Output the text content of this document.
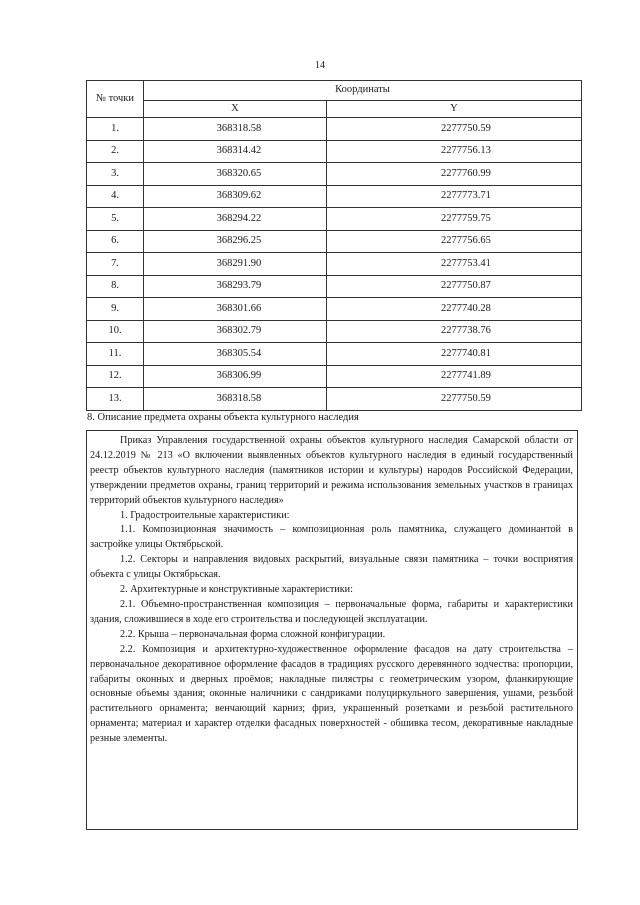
14
№ точки	Координаты	
	X	Y
1.	368318.58	2277750.59
2.	368314.42	2277756.13
3.	368320.65	2277760.99
4.	368309.62	2277773.71
5.	368294.22	2277759.75
6.	368296.25	2277756.65
7.	368291.90	2277753.41
8.	368293.79	2277750.87
9.	368301.66	2277740.28
10.	368302.79	2277738.76
11.	368305.54	2277740.81
12.	368306.99	2277741.89
13.	368318.58	2277750.59
8. Описание предмета охраны объекта культурного наследия

Приказ Управления государственной охраны объектов культурного наследия Самарской области от 24.12.2019 № 213 «О включении выявленных объектов культурного наследия в единый государственный реестр объектов культурного наследия (памятников истории и культуры) народов Российской Федерации, утверждении предметов охраны, границ территорий и режима использования земельных участков в границах территорий объектов культурного наследия»

1. Градостроительные характеристики:

1.1. Композиционная значимость – композиционная роль памятника, служащего доминантой в застройке улицы Октябрьской.

1.2. Секторы и направления видовых раскрытий, визуальные связи памятника – точки восприятия объекта с улицы Октябрьская.

2. Архитектурные и конструктивные характеристики:

2.1. Объемно-пространственная композиция – первоначальные форма, габариты и характеристики здания, сложившиеся в ходе его строительства и последующей эксплуатации.

2.2. Крыша – первоначальная форма сложной конфигурации.

2.2. Композиция и архитектурно-художественное оформление фасадов на дату строительства – первоначальное декоративное оформление фасадов в традициях русского деревянного зодчества: пропорции, габариты оконных и дверных проёмов; накладные пилястры с геометрическим узором, фланкирующие основные объемы здания; оконные наличники с сандриками полуциркульного завершения, ушами, резьбой растительного орнамента; венчающий карниз; фриз, украшенный розетками и резьбой растительного орнамента; материал и характер отделки фасадных поверхностей - обшивка тесом, декоративные накладные резные элементы.
